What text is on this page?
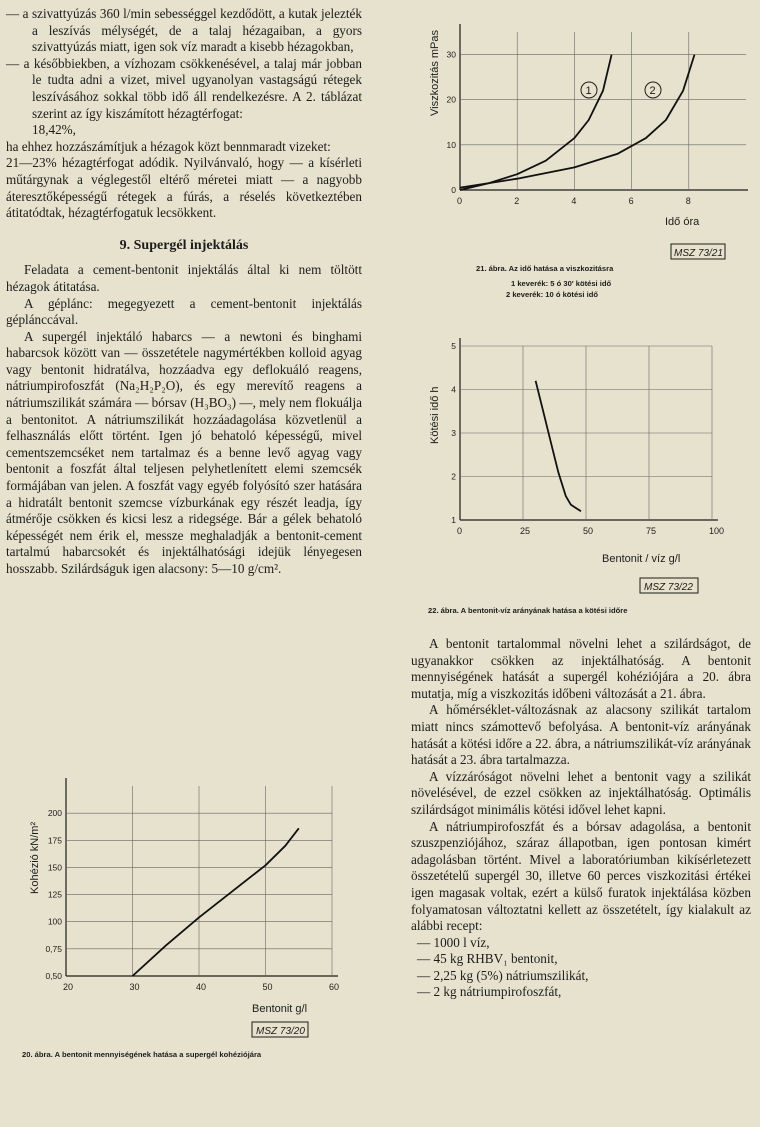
— a szivattyúzás 360 l/min sebességgel kezdődött, a kutak jelezték a leszívás mélységét, de a talaj hézagaiban, a gyors szivattyúzás miatt, igen sok víz maradt a kisebb hézagokban,

— a későbbiekben, a vízhozam csökkenésével, a talaj már jobban le tudta adni a vizet, mivel ugyanolyan vastagságú rétegek leszívásához sokkal több idő áll rendelkezésre. A 2. táblázat szerint az így kiszámított hézagtérfogat:

18,42%,

ha ehhez hozzászámítjuk a hézagok közt bennmaradt vizeket:

21—23% hézagtérfogat adódik. Nyilvánvaló, hogy — a kísérleti műtárgynak a véglegestől eltérő méretei miatt — a nagyobb áteresztőképességű rétegek a fúrás, a réselés következtében átitatódtak, hézagtérfogatuk lecsökkent.

9. Supergél injektálás

Feladata a cement-bentonit injektálás által ki nem töltött hézagok átitatása.

A géplánc: megegyezett a cement-bentonit injektálás géplánccával.

A supergél injektáló habarcs — a newtoni és binghami habarcsok között van — összetétele nagymértékben kolloid agyag vagy bentonit hidratálva, hozzáadva egy deflokuáló reagens, nátriumpirofoszfát (Na₂H₂P₂O), és egy merevítő reagens a nátriumszilikát számára — bórsav (H₃BO₃) —, mely nem flokuálja a bentonitot. A nátriumszilikát hozzáadagolása közvetlenül a felhasználás előtt történt. Igen jó behatoló képességű, mivel cementszemcséket nem tartalmaz és a benne levő agyag vagy bentonit a foszfát által teljesen pelyhetlenített elemi szemcsék formájában van jelen. A foszfát vagy egyéb folyósító szer hatására a hidratált bentonit szemcse vízburkának egy részét leadja, így átmérője csökken és kicsi lesz a ridegsége. Bár a gélek behatoló képességét nem érik el, messze meghaladják a bentonit-cement tartalmú habarcsokét és injektálhatósági idejük lényegesen hosszabb. Szilárdságuk igen alacsony: 5—10 g/cm².

0	2	4	6	8
0
10
20
30
Viszkozitás mPas
Idő óra
1	2
MSZ 73/21
21. ábra. Az idő hatása a viszkozitásra
1 keverék: 5 ó 30′ kötési idő
2 keverék: 10 ó kötési idő
0	25	50	75	100
1
2
3
4
5
Kötési idő h
Bentonit / víz g/l
MSZ 73/22
22. ábra. A bentonit-víz arányának hatása a kötési időre
20	30	40	50	60
0,50
0,75
100
125
150
175
200
Kohézió kN/m²
Bentonit g/l
MSZ 73/20
20. ábra. A bentonit mennyiségének hatása a supergél kohéziójára

A bentonit tartalommal növelni lehet a szilárdságot, de ugyanakkor csökken az injektálhatóság. A bentonit mennyiségének hatását a supergél kohéziójára a 20. ábra mutatja, míg a viszkozitás időbeni változását a 21. ábra.

A hőmérséklet-változásnak az alacsony szilikát tartalom miatt nincs számottevő befolyása. A bentonit-víz arányának hatását a kötési időre a 22. ábra, a nátriumszilikát-víz arányának hatását a 23. ábra tartalmazza.

A vízzáróságot növelni lehet a bentonit vagy a szilikát növelésével, de ezzel csökken az injektálhatóság. Optimális szilárdságot minimális kötési idővel lehet kapni.

A nátriumpirofoszfát és a bórsav adagolása, a bentonit szuszpenziójához, száraz állapotban, igen pontosan kimért adagolásban történt. Mivel a laboratóriumban kikísérletezett összetételű supergél 30, illetve 60 perces viszkozitási értékei igen magasak voltak, ezért a külső furatok injektálása közben folyamatosan változtatni kellett az összetételt, így kialakult az alábbi recept:

— 1000 l víz,

— 45 kg RHBV₁ bentonit,

— 2,25 kg (5%) nátriumszilikát,

— 2 kg nátriumpirofoszfát,
